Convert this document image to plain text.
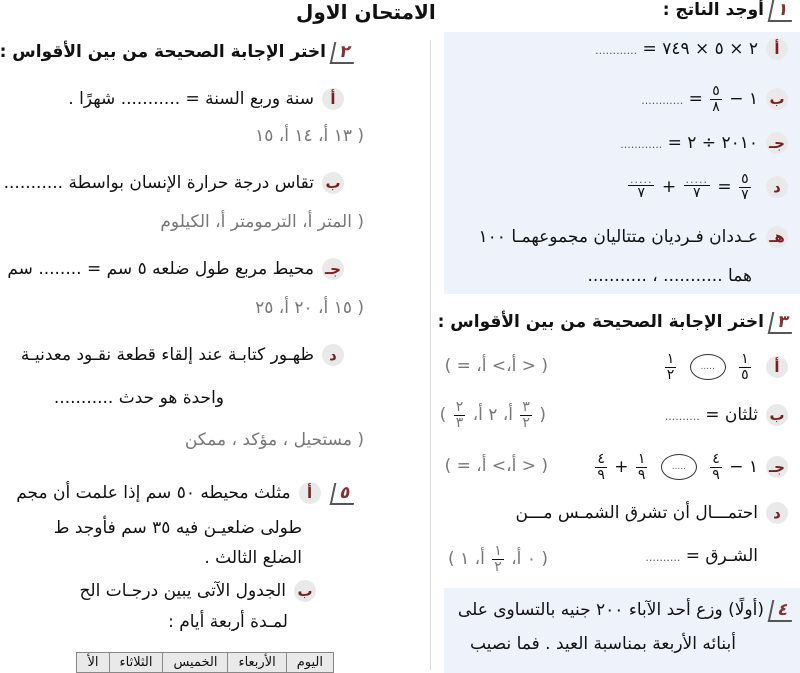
الامتحان الاول	١أوجد الناتج :
أ٢ × ٥ × ٧٤٩ = ............
ب١ −
$\frac{٥}{٨}$
= ............
جـ٢٠١٠ ÷ ٢ = ............
د
$\frac{٥}{٧}$
=
$\frac{.....}{٧}$
+
$\frac{.....}{٧}$
هـعـددان فـرديان متتاليان مجموعهمـا ١٠٠
هما ........... ، ...........
٣اختر الإجابة الصحيحة من بين الأقواس :
أ
$\frac{١}{٥}$
.....
$\frac{١}{٢}$
( < أ،> أ، = )
بثلثان = ..........
(
$\frac{٣}{٢}$
أ، ٢ أ،
$\frac{٢}{٣}$
)
جـ١ −
$\frac{٤}{٩}$
.....
$\frac{١}{٩}$
+
$\frac{٤}{٩}$
( < أ،> أ، = )
داحتمـــال أن تشرق الشمـس مـــن
الشـرق = ..........
( ٠ أ،
$\frac{١}{٢}$
أ، ١ )
٤(أولًا) وزع أحد الآباء ٢٠٠ جنيه بالتساوى على
أبنائه الأربعة بمناسبة العيد . فما نصيب
٢اختر الإجابة الصحيحة من بين الأقواس :
أسنة وربع السنة = ........... شهرًا .
( ١٣ أ، ١٤ أ، ١٥
بتقاس درجة حرارة الإنسان بواسطة ...........
( المتر أ، الترمومتر أ، الكيلوم
جـمحيط مربع طول ضلعه ٥ سم = ........ سم
( ١٥ أ، ٢٠ أ، ٢٥
دظهـور كتابـة عند إلقاء قطعة نقـود معدنيـة
واحدة هو حدث ...........
( مستحيل ، مؤكد ، ممكن
٥ أمثلث محيطه ٥٠ سم إذا علمت أن مجم
طولى ضلعيـن فيه ٣٥ سم فأوجد ط
الضلع الثالث .
بالجدول الآتى يبين درجـات الح
لمـدة أربعة أيام :
اليوم	الأربعاء	الخميس	الثلاثاء	الأ
